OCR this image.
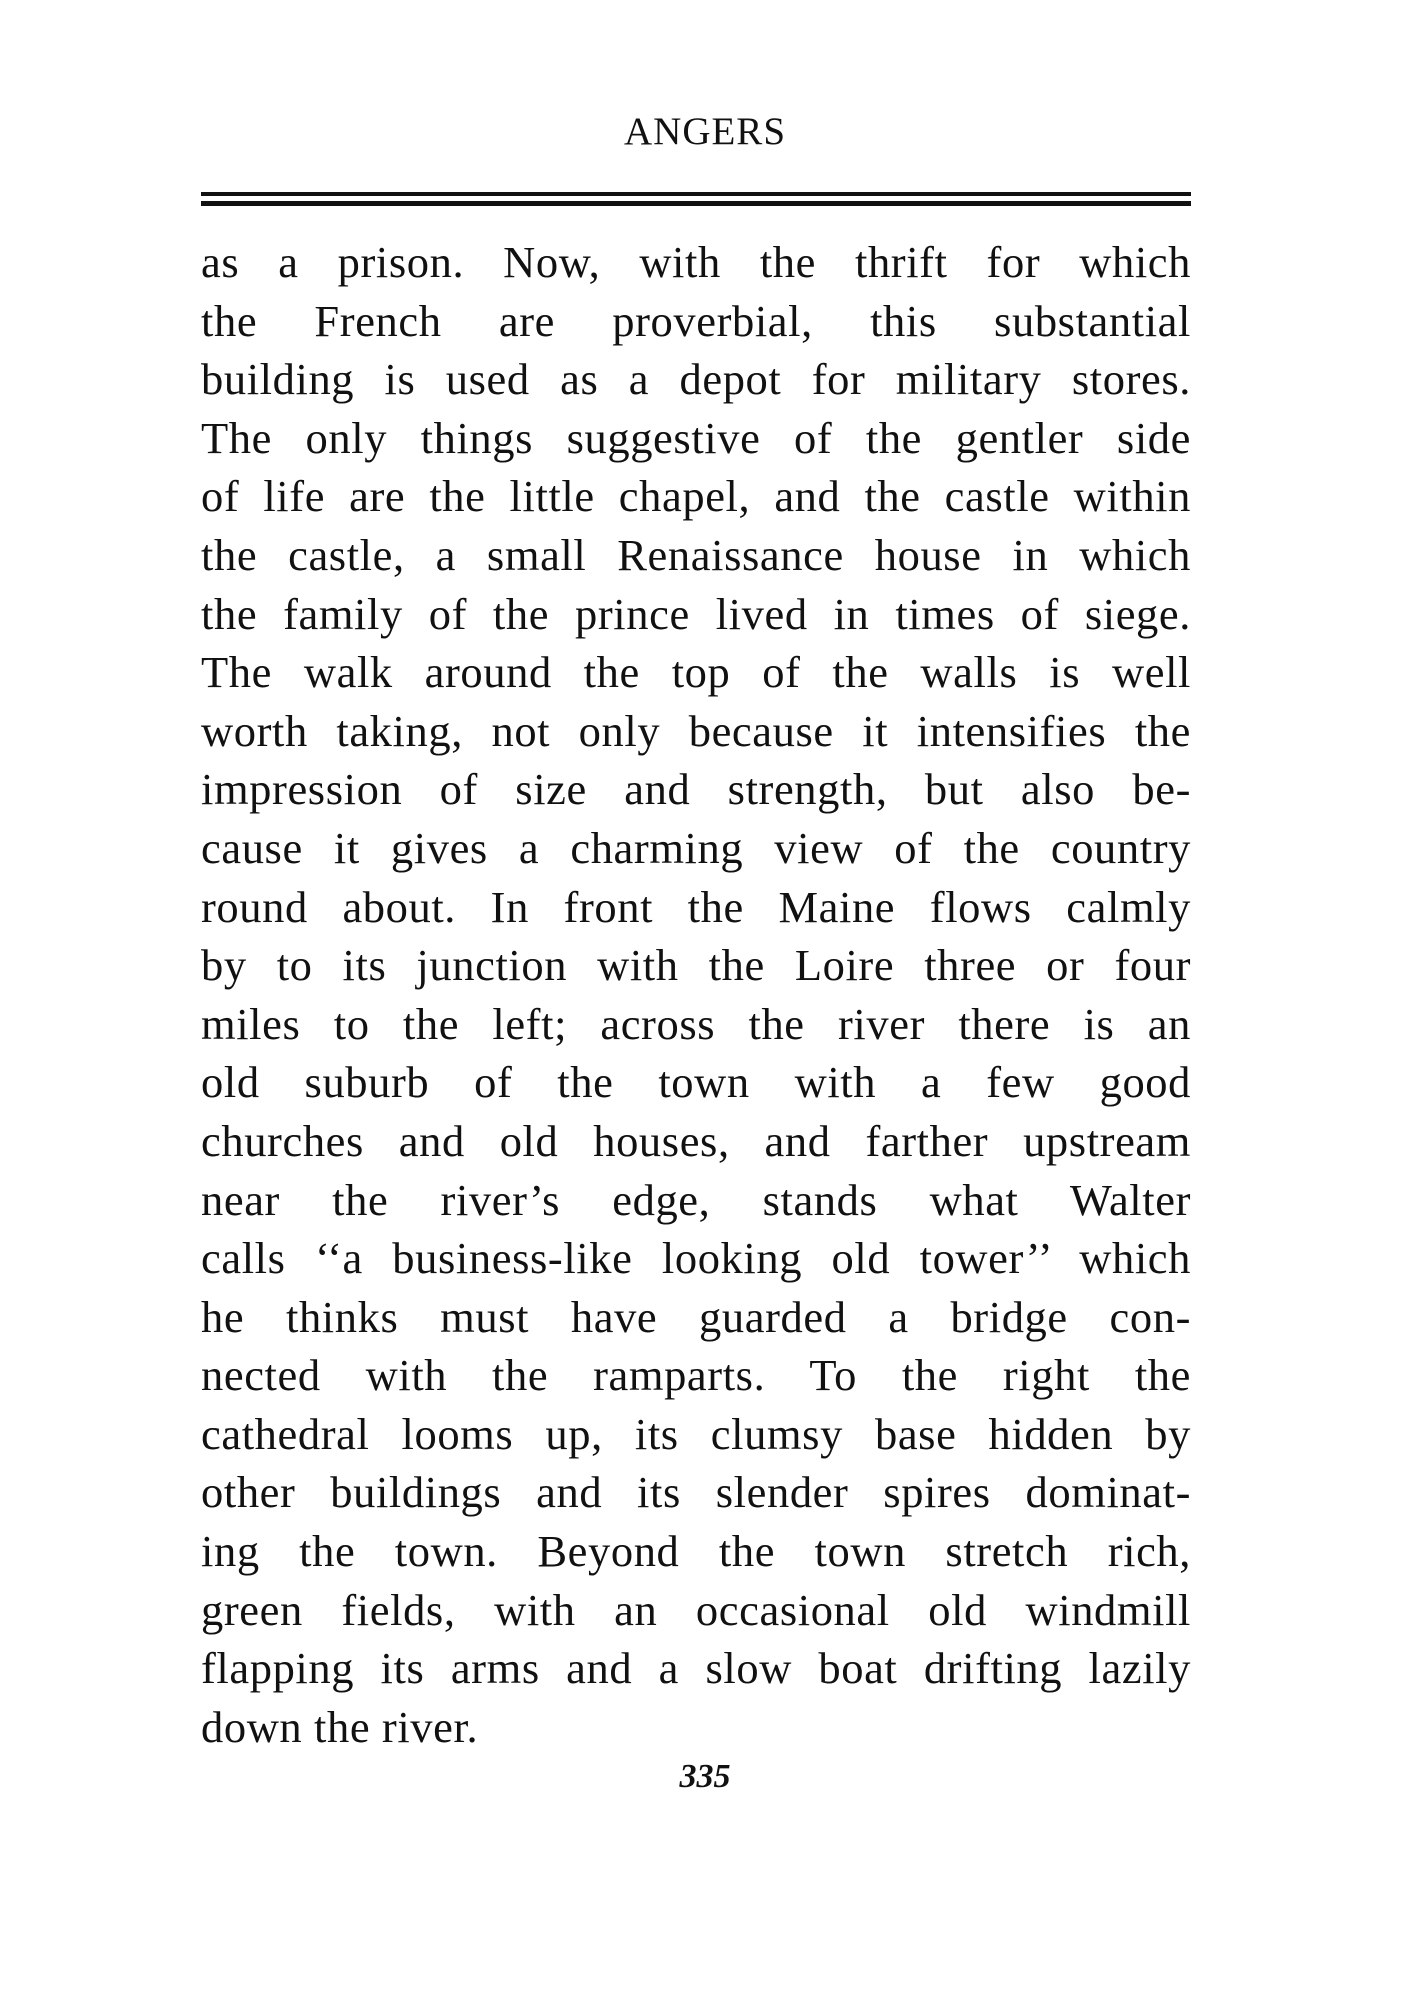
ANGERS
as a prison. Now, with the thrift for which
the French are proverbial, this substantial
building is used as a depot for military stores.
The only things suggestive of the gentler side
of life are the little chapel, and the castle within
the castle, a small Renaissance house in which
the family of the prince lived in times of siege.
The walk around the top of the walls is well
worth taking, not only because it intensifies the
impression of size and strength, but also be-
cause it gives a charming view of the country
round about. In front the Maine flows calmly
by to its junction with the Loire three or four
miles to the left; across the river there is an
old suburb of the town with a few good
churches and old houses, and farther upstream
near the river’s edge, stands what Walter
calls ‘‘a business-like looking old tower’’ which
he thinks must have guarded a bridge con-
nected with the ramparts. To the right the
cathedral looms up, its clumsy base hidden by
other buildings and its slender spires dominat-
ing the town. Beyond the town stretch rich,
green fields, with an occasional old windmill
flapping its arms and a slow boat drifting lazily
down the river.
335
